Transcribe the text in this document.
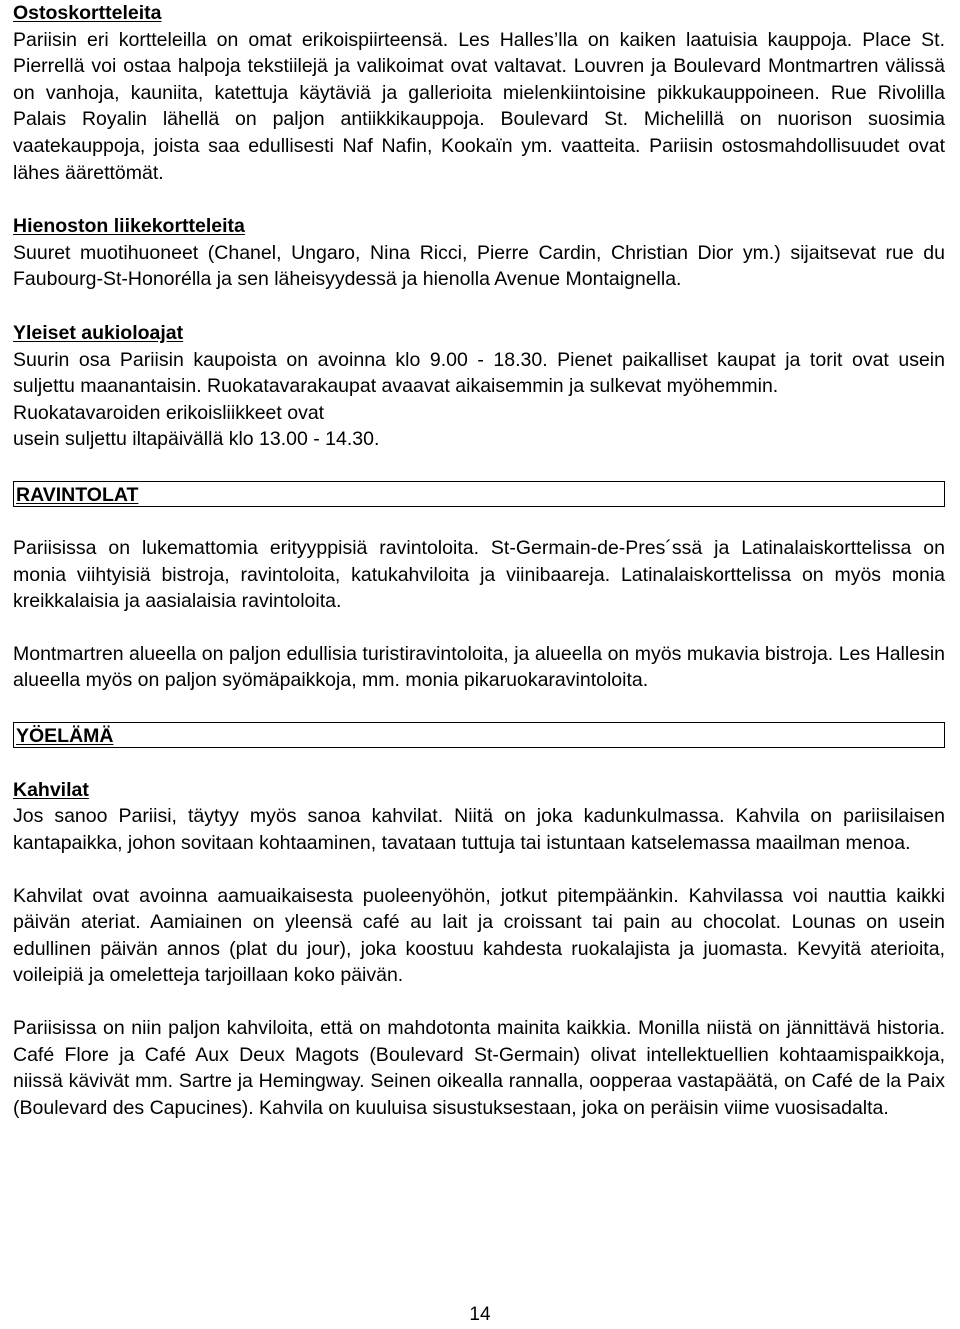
Ostoskortteleita

Pariisin eri kortteleilla on omat erikoispiirteensä. Les Halles’lla on kaiken laatuisia kauppoja. Place St. Pierrellä voi ostaa halpoja tekstiilejä ja valikoimat ovat valtavat. Louvren ja Boulevard Montmartren välissä on vanhoja, kauniita, katettuja käytäviä ja gallerioita mielenkiintoisine pikkukauppoineen. Rue Rivolilla Palais Royalin lähellä on paljon antiikkikauppoja. Boulevard St. Michelillä on nuorison suosimia vaatekauppoja, joista saa edullisesti Naf Nafin, Kookaïn ym. vaatteita. Pariisin ostosmahdollisuudet ovat lähes äärettömät.

Hienoston liikekortteleita

Suuret muotihuoneet (Chanel, Ungaro, Nina Ricci, Pierre Cardin, Christian Dior ym.) sijaitsevat rue du Faubourg-St-Honorélla ja sen läheisyydessä ja hienolla Avenue Montaignella.

Yleiset aukioloajat

Suurin osa Pariisin kaupoista on avoinna klo 9.00 - 18.30. Pienet paikalliset kaupat ja torit ovat usein suljettu maanantaisin. Ruokatavarakaupat avaavat aikaisemmin ja sulkevat myöhemmin.

Ruokatavaroiden erikoisliikkeet ovat
usein suljettu iltapäivällä klo 13.00 - 14.30.
RAVINTOLAT

Pariisissa on lukemattomia erityyppisiä ravintoloita. St-Germain-de-Pres´ssä ja Latinalaiskorttelissa on monia viihtyisiä bistroja, ravintoloita, katukahviloita ja viinibaareja. Latinalaiskorttelissa on myös monia kreikkalaisia ja aasialaisia ravintoloita.

Montmartren alueella on paljon edullisia turistiravintoloita, ja alueella on myös mukavia bistroja. Les Hallesin alueella myös on paljon syömäpaikkoja, mm. monia pikaruokaravintoloita.

YÖELÄMÄ
Kahvilat

Jos sanoo Pariisi, täytyy myös sanoa kahvilat. Niitä on joka kadunkulmassa. Kahvila on pariisilaisen kantapaikka, johon sovitaan kohtaaminen, tavataan tuttuja tai istuntaan katselemassa maailman menoa.

Kahvilat ovat avoinna aamuaikaisesta puoleenyöhön, jotkut pitempäänkin. Kahvilassa voi nauttia kaikki päivän ateriat. Aamiainen on yleensä café au lait ja croissant tai pain au chocolat. Lounas on usein edullinen päivän annos (plat du jour), joka koostuu kahdesta ruokalajista ja juomasta. Kevyitä aterioita, voileipiä ja omeletteja tarjoillaan koko päivän.

Pariisissa on niin paljon kahviloita, että on mahdotonta mainita kaikkia. Monilla niistä on jännittävä historia. Café Flore ja Café Aux Deux Magots (Boulevard St-Germain) olivat intellektuellien kohtaamispaikkoja, niissä kävivät mm. Sartre ja Hemingway. Seinen oikealla rannalla, oopperaa vastapäätä, on Café de la Paix (Boulevard des Capucines). Kahvila on kuuluisa sisustuksestaan, joka on peräisin viime vuosisadalta.

14
